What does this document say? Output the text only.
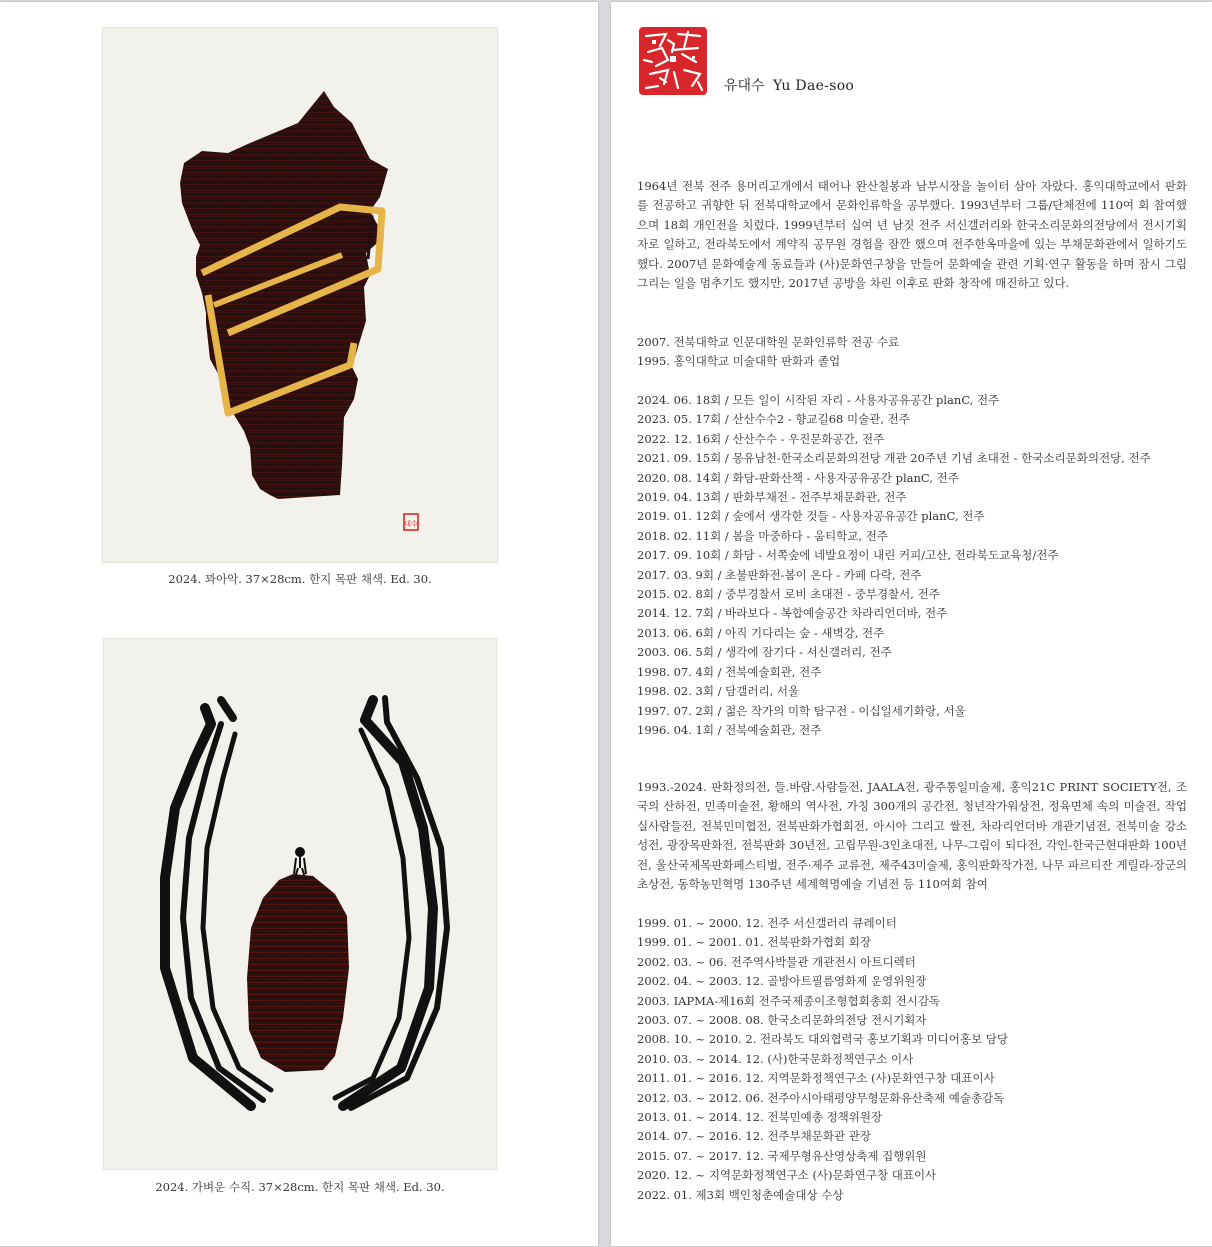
대수
2024. 꽈아악. 37×28cm. 한지 목판 채색. Ed. 30.
2024. 가벼운 수직. 37×28cm. 한지 목판 채색. Ed. 30.
유대수 Yu Dae-soo
1964년 전북 전주 용머리고개에서 태어나 완산칠봉과 남부시장을 놀이터 삼아 자랐다. 홍익대학교에서 판화를 전공하고 귀향한 뒤 전북대학교에서 문화인류학을 공부했다. 1993년부터 그룹/단체전에 110여 회 참여했으며 18회 개인전을 치렀다. 1999년부터 십여 년 남짓 전주 서신갤러리와 한국소리문화의전당에서 전시기획자로 일하고, 전라북도에서 계약직 공무원 경험을 잠깐 했으며 전주한옥마을에 있는 부채문화관에서 일하기도 했다. 2007년 문화예술계 동료들과 (사)문화연구창을 만들어 문화예술 관련 기획·연구 활동을 하며 잠시 그림 그리는 일을 멈추기도 했지만, 2017년 공방을 차린 이후로 판화 창작에 매진하고 있다.
2007. 전북대학교 인문대학원 문화인류학 전공 수료
1995. 홍익대학교 미술대학 판화과 졸업
2024. 06. 18회 / 모든 일이 시작된 자리 - 사용자공유공간 planC, 전주
2023. 05. 17회 / 산산수수2 - 향교길68 미술관, 전주
2022. 12. 16회 / 산산수수 - 우진문화공간, 전주
2021. 09. 15회 / 몽유남천-한국소리문화의전당 개관 20주년 기념 초대전 - 한국소리문화의전당, 전주
2020. 08. 14회 / 화담-판화산책 - 사용자공유공간 planC, 전주
2019. 04. 13회 / 판화부채전 - 전주부채문화관, 전주
2019. 01. 12회 / 숲에서 생각한 것들 - 사용자공유공간 planC, 전주
2018. 02. 11회 / 봄을 마중하다 - 움티학교, 전주
2017. 09. 10회 / 화담 - 서쪽숲에 네발요정이 내린 커피/고산, 전라북도교육청/전주
2017. 03. 9회 / 초불판화전-봄이 온다 - 카페 다락, 전주
2015. 02. 8회 / 중부경찰서 로비 초대전 - 중부경찰서, 전주
2014. 12. 7회 / 바라보다 - 복합예술공간 차라리언더바, 전주
2013. 06. 6회 / 아직 기다리는 숲 - 새벽강, 전주
2003. 06. 5회 / 생각에 잠기다 - 서신갤러리, 전주
1998. 07. 4회 / 전북예술회관, 전주
1998. 02. 3회 / 담갤러리, 서울
1997. 07. 2회 / 젊은 작가의 미학 탐구전 - 이십일세기화랑, 서울
1996. 04. 1회 / 전북예술회관, 전주
1993.-2024. 판화정의전, 들.바람.사람들전, JAALA전, 광주통일미술제, 홍익21C PRINT SOCIETY전, 조국의 산하전, 민족미술전, 황해의 역사전, 가칭 300개의 공간전, 청년작가워상전, 정육면체 속의 미술전, 작업실사람들전, 전북민미협전, 전북판화가협회전, 아시아 그리고 쌀전, 차라리언더바 개관기념전, 전북미술 강소성전, 광장목판화전, 전북판화 30년전, 고립무원-3인초대전, 나무-그림이 되다전, 각인-한국근현대판화 100년전, 울산국제목판화페스티벌, 전주·제주 교류전, 제주43미술제, 홍익판화작가전, 나무 파르티잔 게릴라-장군의 초상전, 동학농민혁명 130주년 세계혁명예술 기념전 등 110여회 참여
1999. 01. ~ 2000. 12. 전주 서신갤러리 큐레이터
1999. 01. ~ 2001. 01. 전북판화가협회 회장
2002. 03. ~ 06. 전주역사박물관 개관전시 아트디렉터
2002. 04. ~ 2003. 12. 골방아트필름영화제 운영위원장
2003. IAPMA-제16회 전주국제종이조형협회총회 전시감독
2003. 07. ~ 2008. 08. 한국소리문화의전당 전시기획자
2008. 10. ~ 2010. 2. 전라북도 대외협력국 홍보기획과 미디어홍보 담당
2010. 03. ~ 2014. 12. (사)한국문화정책연구소 이사
2011. 01. ~ 2016. 12. 지역문화정책연구소 (사)문화연구창 대표이사
2012. 03. ~ 2012. 06. 전주아시아태평양무형문화유산축제 예술총감독
2013. 01. ~ 2014. 12. 전북민예총 정책위원장
2014. 07. ~ 2016. 12. 전주부채문화관 관장
2015. 07. ~ 2017. 12. 국제무형유산영상축제 집행위원
2020. 12. ~ 지역문화정책연구소 (사)문화연구창 대표이사
2022. 01. 제3회 백인청춘예술대상 수상
